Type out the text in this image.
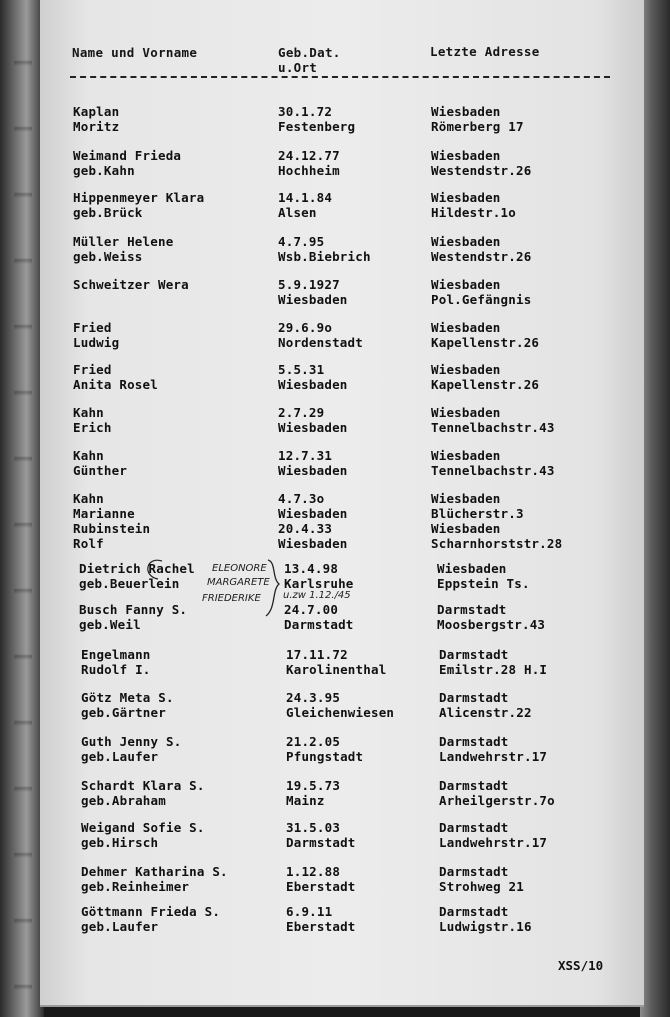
Name und Vorname	Geb.Dat.
u.Ort
Letzte Adresse
Kaplan
Moritz
30.1.72
Festenberg
Wiesbaden
Römerberg 17
Weimand Frieda
geb.Kahn
24.12.77
Hochheim
Wiesbaden
Westendstr.26
Hippenmeyer Klara
geb.Brück
14.1.84
Alsen
Wiesbaden
Hildestr.1o
Müller Helene
geb.Weiss
4.7.95
Wsb.Biebrich
Wiesbaden
Westendstr.26
Schweitzer Wera	5.9.1927
Wiesbaden
Wiesbaden
Pol.Gefängnis
Fried
Ludwig
29.6.9o
Nordenstadt
Wiesbaden
Kapellenstr.26
Fried
Anita Rosel
5.5.31
Wiesbaden
Wiesbaden
Kapellenstr.26
Kahn
Erich
2.7.29
Wiesbaden
Wiesbaden
Tennelbachstr.43
Kahn
Günther
12.7.31
Wiesbaden
Wiesbaden
Tennelbachstr.43
Kahn
Marianne
Rubinstein
Rolf
4.7.3o
Wiesbaden
20.4.33
Wiesbaden
Wiesbaden
Blücherstr.3
Wiesbaden
Scharnhorststr.28
Dietrich Rachel
geb.Beuerlein
13.4.98
Karlsruhe
Wiesbaden
Eppstein Ts.
Busch Fanny S.
geb.Weil
24.7.00
Darmstadt
Darmstadt
Moosbergstr.43
Engelmann
Rudolf I.
17.11.72
Karolinenthal
Darmstadt
Emilstr.28 H.I
Götz Meta S.
geb.Gärtner
24.3.95
Gleichenwiesen
Darmstadt
Alicenstr.22
Guth Jenny S.
geb.Laufer
21.2.05
Pfungstadt
Darmstadt
Landwehrstr.17
Schardt Klara S.
geb.Abraham
19.5.73
Mainz
Darmstadt
Arheilgerstr.7o
Weigand Sofie S.
geb.Hirsch
31.5.03
Darmstadt
Darmstadt
Landwehrstr.17
Dehmer Katharina S.
geb.Reinheimer
1.12.88
Eberstadt
Darmstadt
Strohweg 21
Göttmann Frieda S.
geb.Laufer
6.9.11
Eberstadt
Darmstadt
Ludwigstr.16
ELEONORE
MARGARETE
FRIEDERIKE u.zw 1.12./45
XSS/10
